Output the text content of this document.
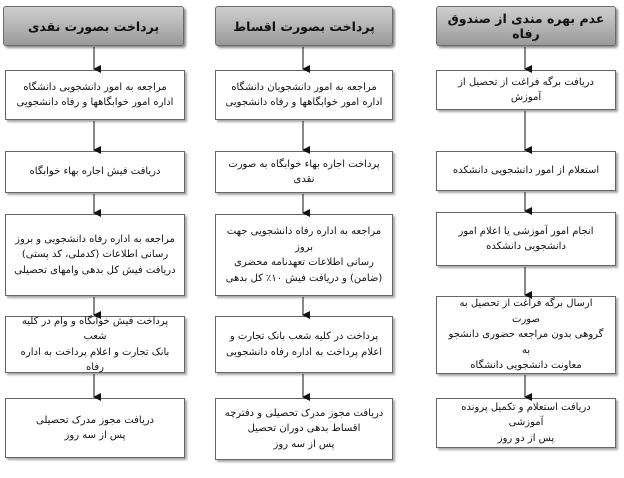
پرداخت بصورت نقدی
مراجعه به امور دانشجویی دانشگاه
اداره امور خوابگاهها و رفاه دانشجویی
دریافت فیش اجاره بهاء خوابگاه
مراجعه به اداره رفاه دانشجویی و بروز
رسانی اطلاعات (کدملی، کد پستی)
دریافت فیش کل بدهی وامهای تحصیلی
پرداخت فیش خوابگاه و وام در کلیه شعب
بانک تجارت و اعلام پرداخت به اداره رفاه
دریافت مجوز مدرک تحصیلی
پس از سه روز
پرداخت بصورت اقساط
مراجعه به امور دانشجویان دانشگاه
اداره امور خوابگاهها و رفاه دانشجویی
پرداخت اجاره بهاء خوابگاه به صورت نقدی
مراجعه به اداره رفاه دانشجویی جهت بروز
رسانی اطلاعات تعهدنامه محضری
(ضامن) و دریافت فیش ۱۰٪ کل بدهی
پرداخت در کلیه شعب بانک تجارت و
اعلام پرداخت به اداره رفاه دانشجویی
دریافت مجوز مدرک تحصیلی و دفترچه
اقساط بدهی دوران تحصیل
پس از سه روز
عدم بهره مندی از صندوق رفاه
دریافت برگه فراغت از تحصیل از آموزش
استعلام از امور دانشجویی دانشکده
انجام امور آموزشی یا اعلام امور
دانشجویی دانشکده
ارسال برگه فراغت از تحصیل به صورت
گروهی بدون مراجعه حضوری دانشجو به
معاونت دانشجویی دانشگاه
دریافت استعلام و تکمیل پرونده آموزشی
پس از دو روز
